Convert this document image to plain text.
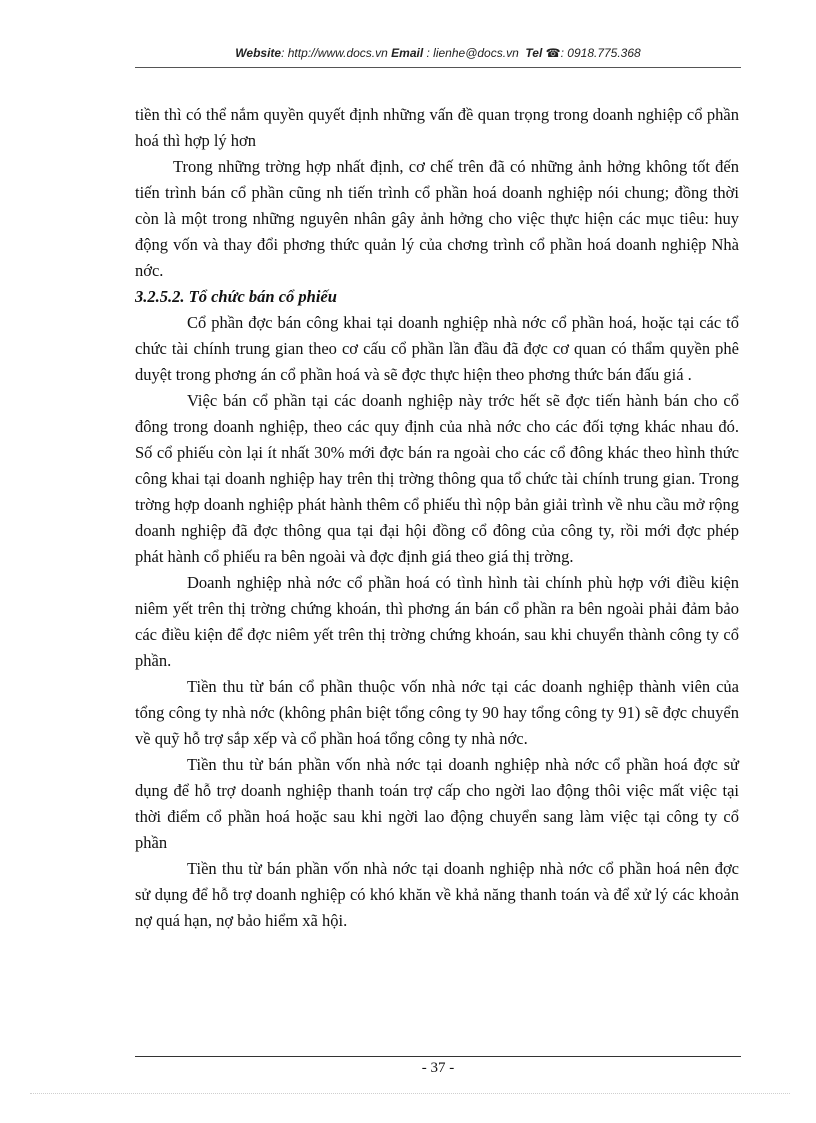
Website: http://www.docs.vn Email : lienhe@docs.vn Tel ☎: 0918.775.368

tiền thì có thể nắm quyền quyết định những vấn đề quan trọng trong doanh nghiệp cổ phần hoá thì hợp lý hơn

Trong những trờng hợp nhất định, cơ chế trên đã có những ảnh hởng không tốt đến tiến trình bán cổ phần cũng nh tiến trình cổ phần hoá doanh nghiệp nói chung; đồng thời còn là một trong những nguyên nhân gây ảnh hởng cho việc thực hiện các mục tiêu: huy động vốn và thay đổi phơng thức quản lý của chơng trình cổ phần hoá doanh nghiệp Nhà nớc.

3.2.5.2. Tổ chức bán cổ phiếu

Cổ phần đợc bán công khai tại doanh nghiệp nhà nớc cổ phần hoá, hoặc tại các tổ chức tài chính trung gian theo cơ cấu cổ phần lần đầu đã đợc cơ quan có thẩm quyền phê duyệt trong phơng án cổ phần hoá và sẽ đợc thực hiện theo phơng thức bán đấu giá .

Việc bán cổ phần tại các doanh nghiệp này trớc hết sẽ đợc tiến hành bán cho cổ đông trong doanh nghiệp, theo các quy định của nhà nớc cho các đối tợng khác nhau đó. Số cổ phiếu còn lại ít nhất 30% mới đợc bán ra ngoài cho các cổ đông khác theo hình thức công khai tại doanh nghiệp hay trên thị trờng thông qua tổ chức tài chính trung gian. Trong trờng hợp doanh nghiệp phát hành thêm cổ phiếu thì nộp bản giải trình về nhu cầu mở rộng doanh nghiệp đã đợc thông qua tại đại hội đồng cổ đông của công ty, rồi mới đợc phép phát hành cổ phiếu ra bên ngoài và đợc định giá theo giá thị trờng.

Doanh nghiệp nhà nớc cổ phần hoá có tình hình tài chính phù hợp với điều kiện niêm yết trên thị trờng chứng khoán, thì phơng án bán cổ phần ra bên ngoài phải đảm bảo các điều kiện để đợc niêm yết trên thị trờng chứng khoán, sau khi chuyển thành công ty cổ phần.

Tiền thu từ bán cổ phần thuộc vốn nhà nớc tại các doanh nghiệp thành viên của tổng công ty nhà nớc (không phân biệt tổng công ty 90 hay tổng công ty 91) sẽ đợc chuyển về quỹ hỗ trợ sắp xếp và cổ phần hoá tổng công ty nhà nớc.

Tiền thu từ bán phần vốn nhà nớc tại doanh nghiệp nhà nớc cổ phần hoá đợc sử dụng để hỗ trợ doanh nghiệp thanh toán trợ cấp cho ngời lao động thôi việc mất việc tại thời điểm cổ phần hoá hoặc sau khi ngời lao động chuyển sang làm việc tại công ty cổ phần

Tiền thu từ bán phần vốn nhà nớc tại doanh nghiệp nhà nớc cổ phần hoá nên đợc sử dụng để hỗ trợ doanh nghiệp có khó khăn về khả năng thanh toán và để xử lý các khoản nợ quá hạn, nợ bảo hiểm xã hội.

- 37 -
